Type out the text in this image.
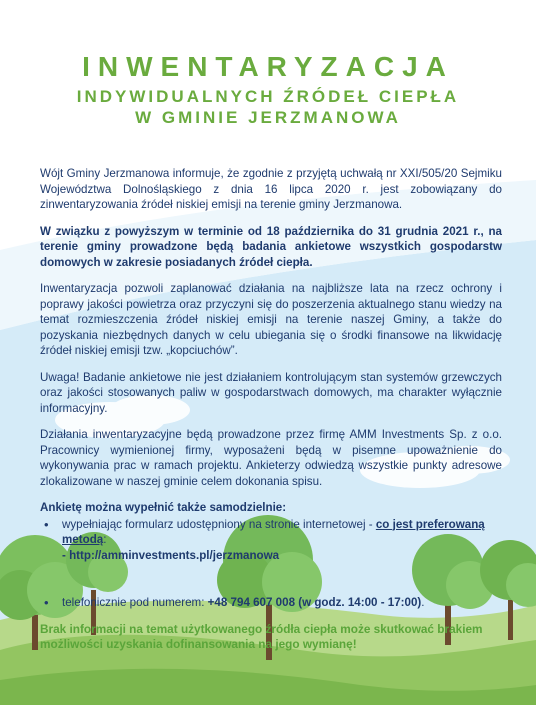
INWENTARYZACJA
INDYWIDUALNYCH ŹRÓDEŁ CIEPŁA
W GMINIE JERZMANOWA

Wójt Gminy Jerzmanowa informuje, że zgodnie z przyjętą uchwałą nr XXI/505/20 Sejmiku Województwa Dolnośląskiego z dnia 16 lipca 2020 r. jest zobowiązany do zinwentaryzowania źródeł niskiej emisji na terenie gminy Jerzmanowa.

W związku z powyższym w terminie od 18 października do 31 grudnia 2021 r., na terenie gminy prowadzone będą badania ankietowe wszystkich gospodarstw domowych w zakresie posiadanych źródeł ciepła.

Inwentaryzacja pozwoli zaplanować działania na najbliższe lata na rzecz ochrony i poprawy jakości powietrza oraz przyczyni się do poszerzenia aktualnego stanu wiedzy na temat rozmieszczenia źródeł niskiej emisji na terenie naszej Gminy, a także do pozyskania niezbędnych danych w celu ubiegania się o środki finansowe na likwidację źródeł niskiej emisji tzw. „kopciuchów”.

Uwaga! Badanie ankietowe nie jest działaniem kontrolującym stan systemów grzewczych oraz jakości stosowanych paliw w gospodarstwach domowych, ma charakter wyłącznie informacyjny.

Działania inwentaryzacyjne będą prowadzone przez firmę AMM Investments Sp. z o.o. Pracownicy wymienionej firmy, wyposażeni będą w pisemne upoważnienie do wykonywania prac w ramach projektu. Ankieterzy odwiedzą wszystkie punkty adresowe zlokalizowane w naszej gminie celem dokonania spisu.

Ankietę można wypełnić także samodzielnie:
• wypełniając formularz udostępniony na stronie internetowej - co jest preferowaną metodą:
- http://amminvestments.pl/jerzmanowa
• telefonicznie pod numerem: +48 794 607 008 (w godz. 14:00 - 17:00).
Brak informacji na temat użytkowanego źródła ciepła może skutkować brakiem możliwości uzyskania dofinansowania na jego wymianę!
